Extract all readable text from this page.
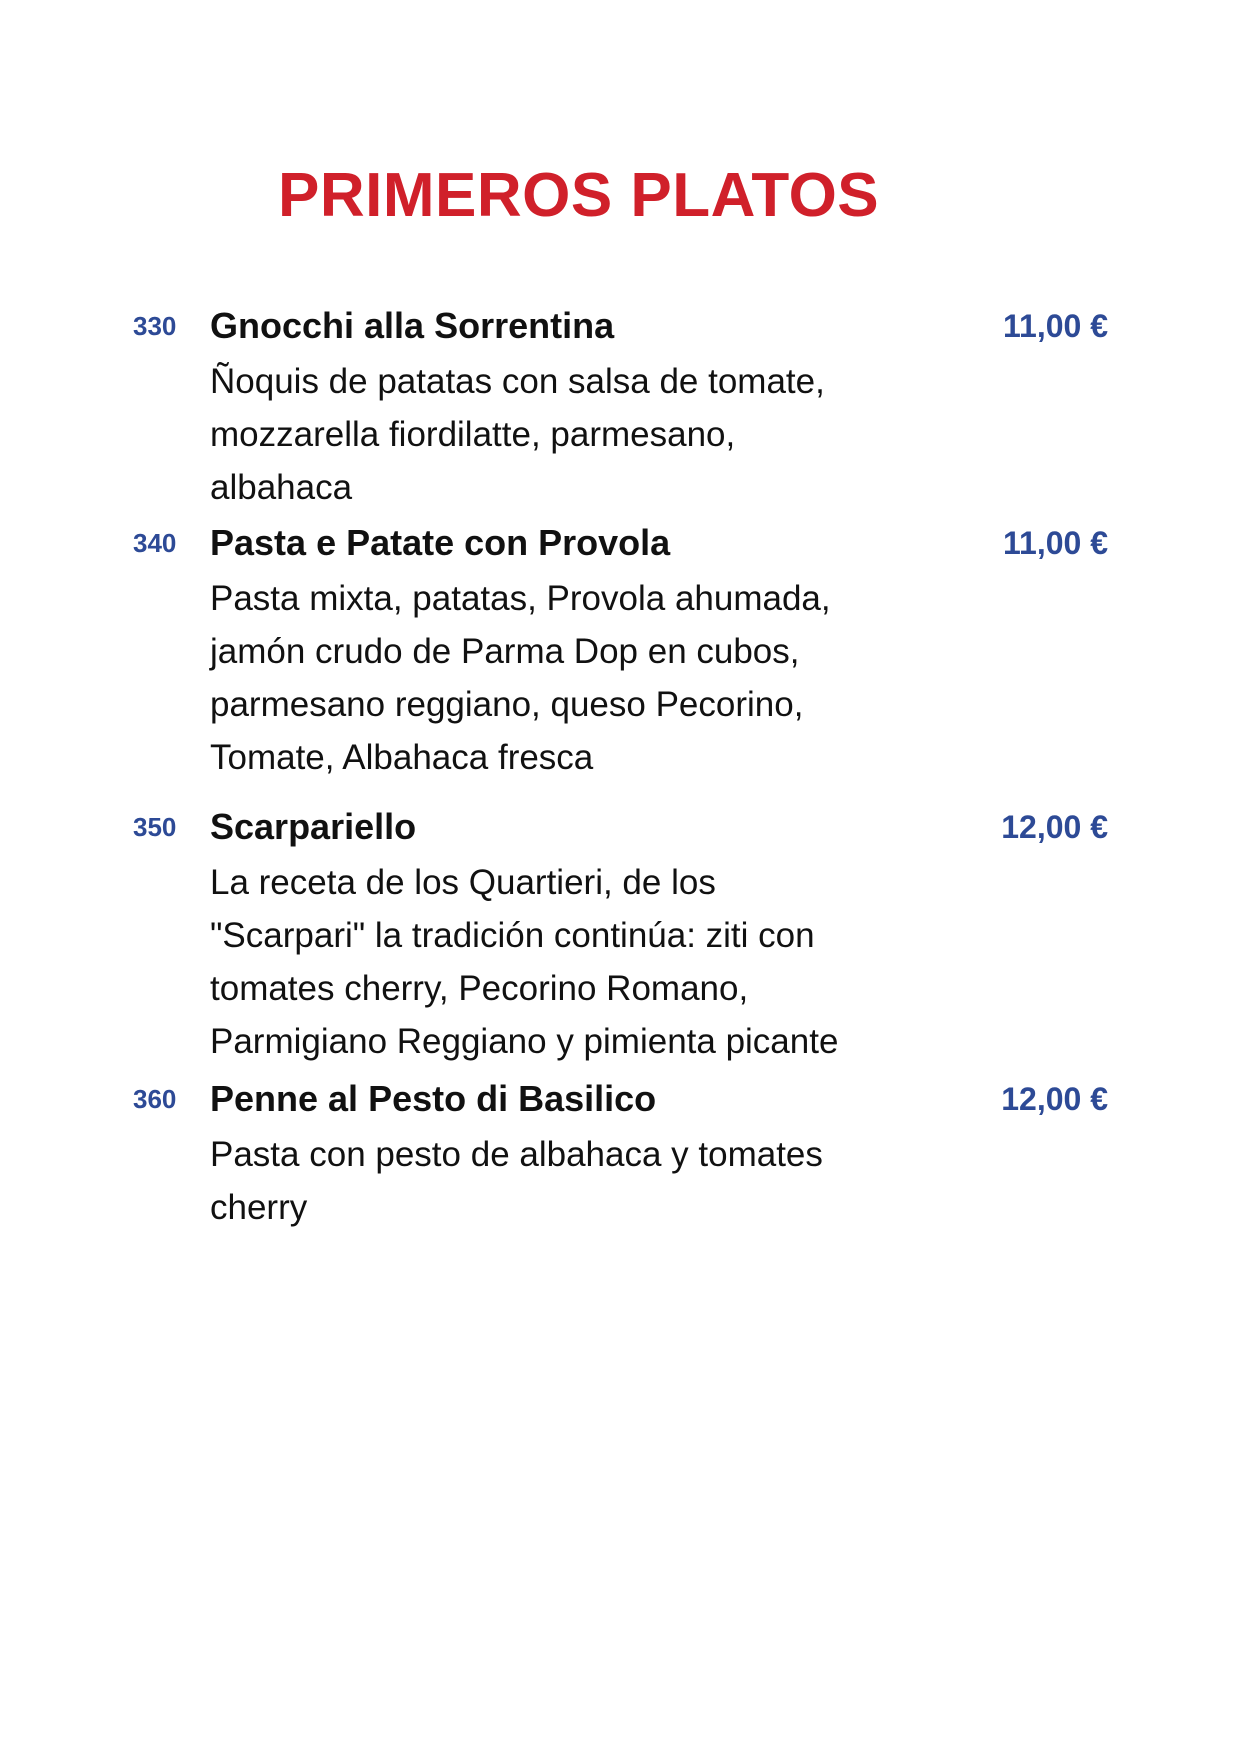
PRIMEROS PLATOS
330 Gnocchi alla Sorrentina	11,00 €
Ñoquis de patatas con salsa de tomate,
mozzarella fiordilatte, parmesano,
albahaca
340 Pasta e Patate con Provola	11,00 €
Pasta mixta, patatas, Provola ahumada,
jamón crudo de Parma Dop en cubos,
parmesano reggiano, queso Pecorino,
Tomate, Albahaca fresca
350 Scarpariello	12,00 €
La receta de los Quartieri, de los
"Scarpari" la tradición continúa: ziti con
tomates cherry, Pecorino Romano,
Parmigiano Reggiano y pimienta picante
360 Penne al Pesto di Basilico	12,00 €
Pasta con pesto de albahaca y tomates
cherry
